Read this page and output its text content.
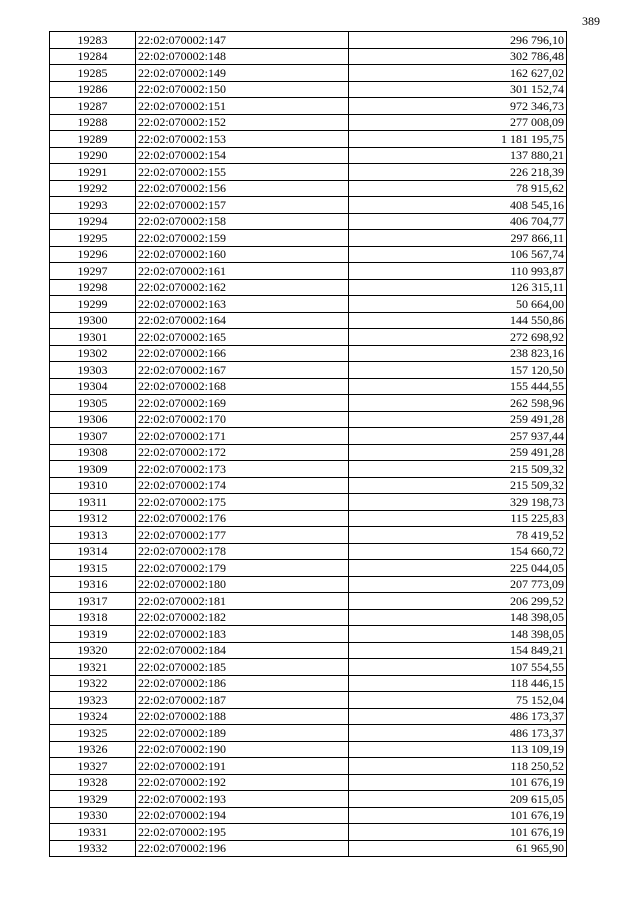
389
19283	22:02:070002:147	296 796,10
19284	22:02:070002:148	302 786,48
19285	22:02:070002:149	162 627,02
19286	22:02:070002:150	301 152,74
19287	22:02:070002:151	972 346,73
19288	22:02:070002:152	277 008,09
19289	22:02:070002:153	1 181 195,75
19290	22:02:070002:154	137 880,21
19291	22:02:070002:155	226 218,39
19292	22:02:070002:156	78 915,62
19293	22:02:070002:157	408 545,16
19294	22:02:070002:158	406 704,77
19295	22:02:070002:159	297 866,11
19296	22:02:070002:160	106 567,74
19297	22:02:070002:161	110 993,87
19298	22:02:070002:162	126 315,11
19299	22:02:070002:163	50 664,00
19300	22:02:070002:164	144 550,86
19301	22:02:070002:165	272 698,92
19302	22:02:070002:166	238 823,16
19303	22:02:070002:167	157 120,50
19304	22:02:070002:168	155 444,55
19305	22:02:070002:169	262 598,96
19306	22:02:070002:170	259 491,28
19307	22:02:070002:171	257 937,44
19308	22:02:070002:172	259 491,28
19309	22:02:070002:173	215 509,32
19310	22:02:070002:174	215 509,32
19311	22:02:070002:175	329 198,73
19312	22:02:070002:176	115 225,83
19313	22:02:070002:177	78 419,52
19314	22:02:070002:178	154 660,72
19315	22:02:070002:179	225 044,05
19316	22:02:070002:180	207 773,09
19317	22:02:070002:181	206 299,52
19318	22:02:070002:182	148 398,05
19319	22:02:070002:183	148 398,05
19320	22:02:070002:184	154 849,21
19321	22:02:070002:185	107 554,55
19322	22:02:070002:186	118 446,15
19323	22:02:070002:187	75 152,04
19324	22:02:070002:188	486 173,37
19325	22:02:070002:189	486 173,37
19326	22:02:070002:190	113 109,19
19327	22:02:070002:191	118 250,52
19328	22:02:070002:192	101 676,19
19329	22:02:070002:193	209 615,05
19330	22:02:070002:194	101 676,19
19331	22:02:070002:195	101 676,19
19332	22:02:070002:196	61 965,90
